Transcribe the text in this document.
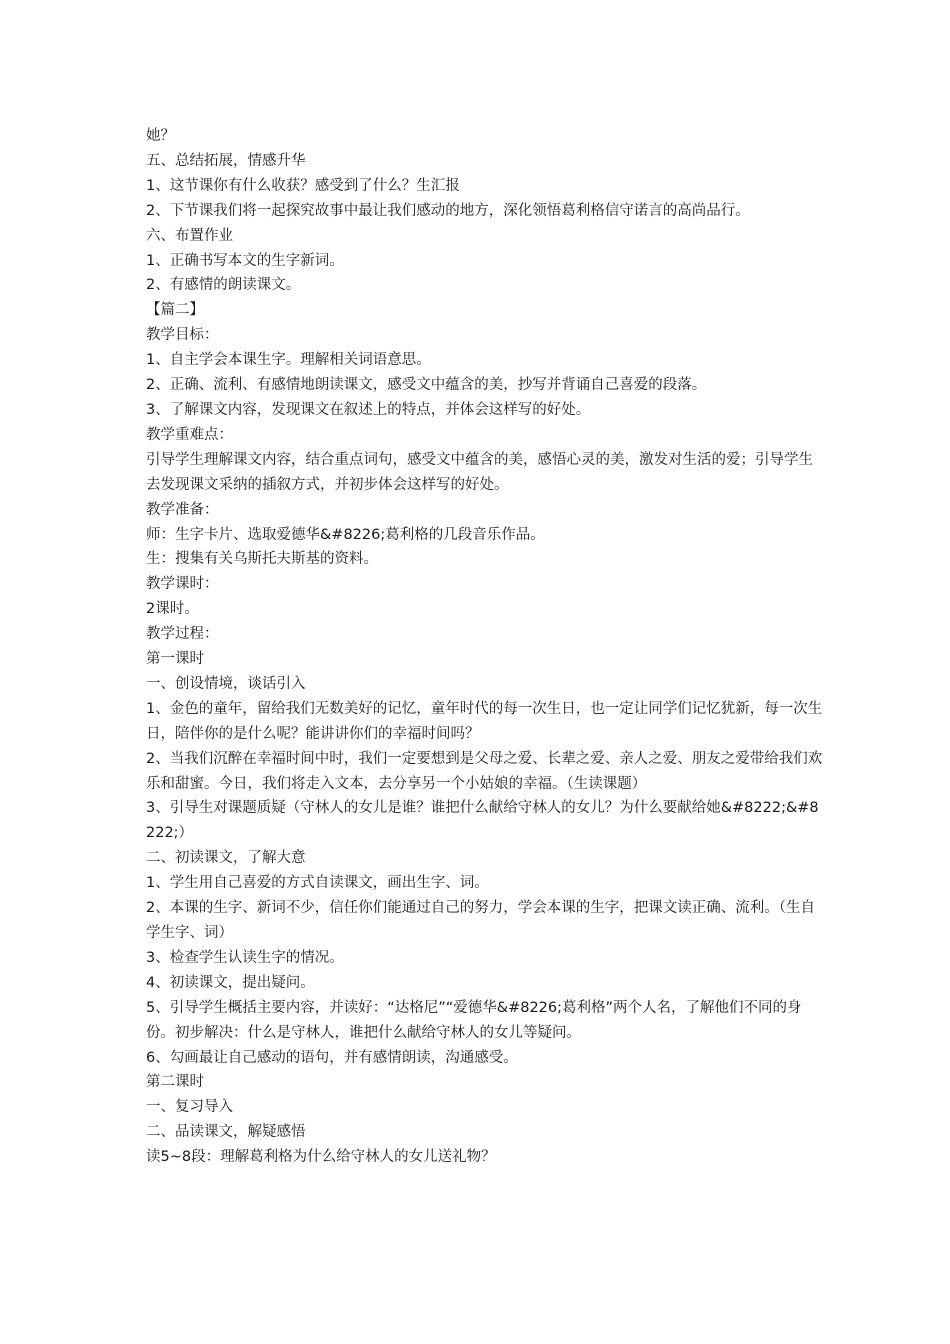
她？

五、总结拓展，情感升华

1、这节课你有什么收获？感受到了什么？生汇报

2、下节课我们将一起探究故事中最让我们感动的地方，深化领悟葛利格信守诺言的高尚品行。

六、布置作业

1、正确书写本文的生字新词。

2、有感情的朗读课文。

【篇二】

教学目标：

1、自主学会本课生字。理解相关词语意思。

2、正确、流利、有感情地朗读课文，感受文中蕴含的美，抄写并背诵自己喜爱的段落。

3、了解课文内容，发现课文在叙述上的特点，并体会这样写的好处。

教学重难点：

引导学生理解课文内容，结合重点词句，感受文中蕴含的美，感悟心灵的美，激发对生活的爱；引导学生去发现课文采纳的插叙方式，并初步体会这样写的好处。

教学准备：

师：生字卡片、选取爱德华&#8226;葛利格的几段音乐作品。

生：搜集有关乌斯托夫斯基的资料。

教学课时：

2课时。

教学过程：

第一课时

一、创设情境，谈话引入

1、金色的童年，留给我们无数美好的记忆，童年时代的每一次生日，也一定让同学们记忆犹新，每一次生日，陪伴你的是什么呢？能讲讲你们的幸福时间吗？

2、当我们沉醉在幸福时间中时，我们一定要想到是父母之爱、长辈之爱、亲人之爱、朋友之爱带给我们欢乐和甜蜜。今日，我们将走入文本，去分享另一个小姑娘的幸福。（生读课题）

3、引导生对课题质疑（守林人的女儿是谁？谁把什么献给守林人的女儿？为什么要献给她&#8222;&#8222;）

二、初读课文，了解大意

1、学生用自己喜爱的方式自读课文，画出生字、词。

2、本课的生字、新词不少，信任你们能通过自己的努力，学会本课的生字，把课文读正确、流利。（生自学生字、词）

3、检查学生认读生字的情况。

4、初读课文，提出疑问。

5、引导学生概括主要内容，并读好：“达格尼”“爱德华&#8226;葛利格”两个人名，了解他们不同的身份。初步解决：什么是守林人，谁把什么献给守林人的女儿等疑问。

6、勾画最让自己感动的语句，并有感情朗读，沟通感受。

第二课时

一、复习导入

二、品读课文，解疑感悟

读5~8段：理解葛利格为什么给守林人的女儿送礼物？
